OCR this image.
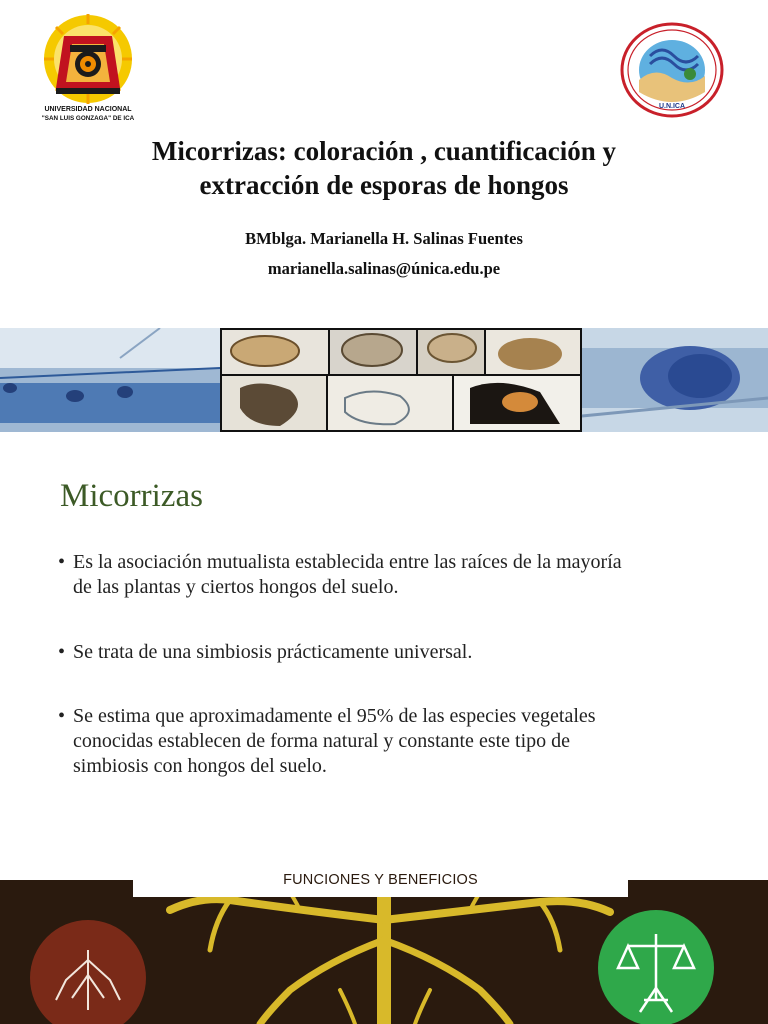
UNIVERSIDAD NACIONAL
"SAN LUIS GONZAGA" DE ICA
U.N.ICA
Micorrizas: coloración , cuantificación y
extracción de esporas de hongos
BMblga. Marianella H. Salinas Fuentes
marianella.salinas@única.edu.pe
Micorrizas
• Es la asociación mutualista establecida entre las raíces de la mayoría
de las plantas y ciertos hongos del suelo.
• Se trata de una simbiosis prácticamente universal.
• Se estima que aproximadamente el 95% de las especies vegetales
conocidas establecen de forma natural y constante este tipo de
simbiosis con hongos del suelo.
FUNCIONES Y BENEFICIOS
